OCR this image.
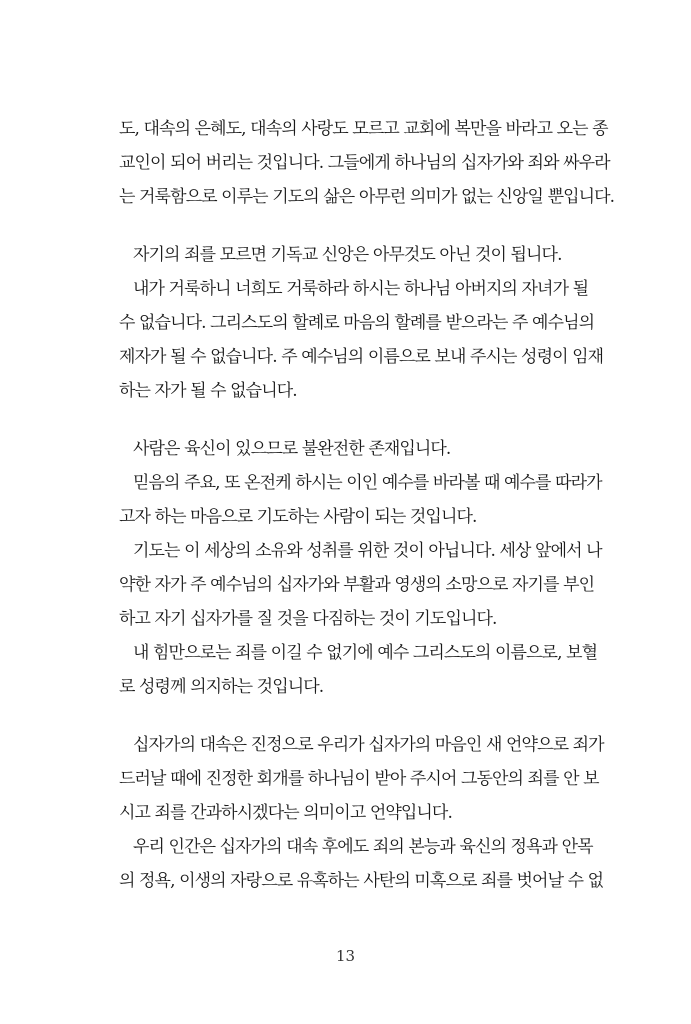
도, 대속의 은혜도, 대속의 사랑도 모르고 교회에 복만을 바라고 오는 종
교인이 되어 버리는 것입니다. 그들에게 하나님의 십자가와 죄와 싸우라
는 거룩함으로 이루는 기도의 삶은 아무런 의미가 없는 신앙일 뿐입니다.
자기의 죄를 모르면 기독교 신앙은 아무것도 아닌 것이 됩니다.
내가 거룩하니 너희도 거룩하라 하시는 하나님 아버지의 자녀가 될
수 없습니다. 그리스도의 할례로 마음의 할례를 받으라는 주 예수님의
제자가 될 수 없습니다. 주 예수님의 이름으로 보내 주시는 성령이 임재
하는 자가 될 수 없습니다.
사람은 육신이 있으므로 불완전한 존재입니다.
믿음의 주요, 또 온전케 하시는 이인 예수를 바라볼 때 예수를 따라가
고자 하는 마음으로 기도하는 사람이 되는 것입니다.
기도는 이 세상의 소유와 성취를 위한 것이 아닙니다. 세상 앞에서 나
약한 자가 주 예수님의 십자가와 부활과 영생의 소망으로 자기를 부인
하고 자기 십자가를 질 것을 다짐하는 것이 기도입니다.
내 힘만으로는 죄를 이길 수 없기에 예수 그리스도의 이름으로, 보혈
로 성령께 의지하는 것입니다.
십자가의 대속은 진정으로 우리가 십자가의 마음인 새 언약으로 죄가
드러날 때에 진정한 회개를 하나님이 받아 주시어 그동안의 죄를 안 보
시고 죄를 간과하시겠다는 의미이고 언약입니다.
우리 인간은 십자가의 대속 후에도 죄의 본능과 육신의 정욕과 안목
의 정욕, 이생의 자랑으로 유혹하는 사탄의 미혹으로 죄를 벗어날 수 없
13
